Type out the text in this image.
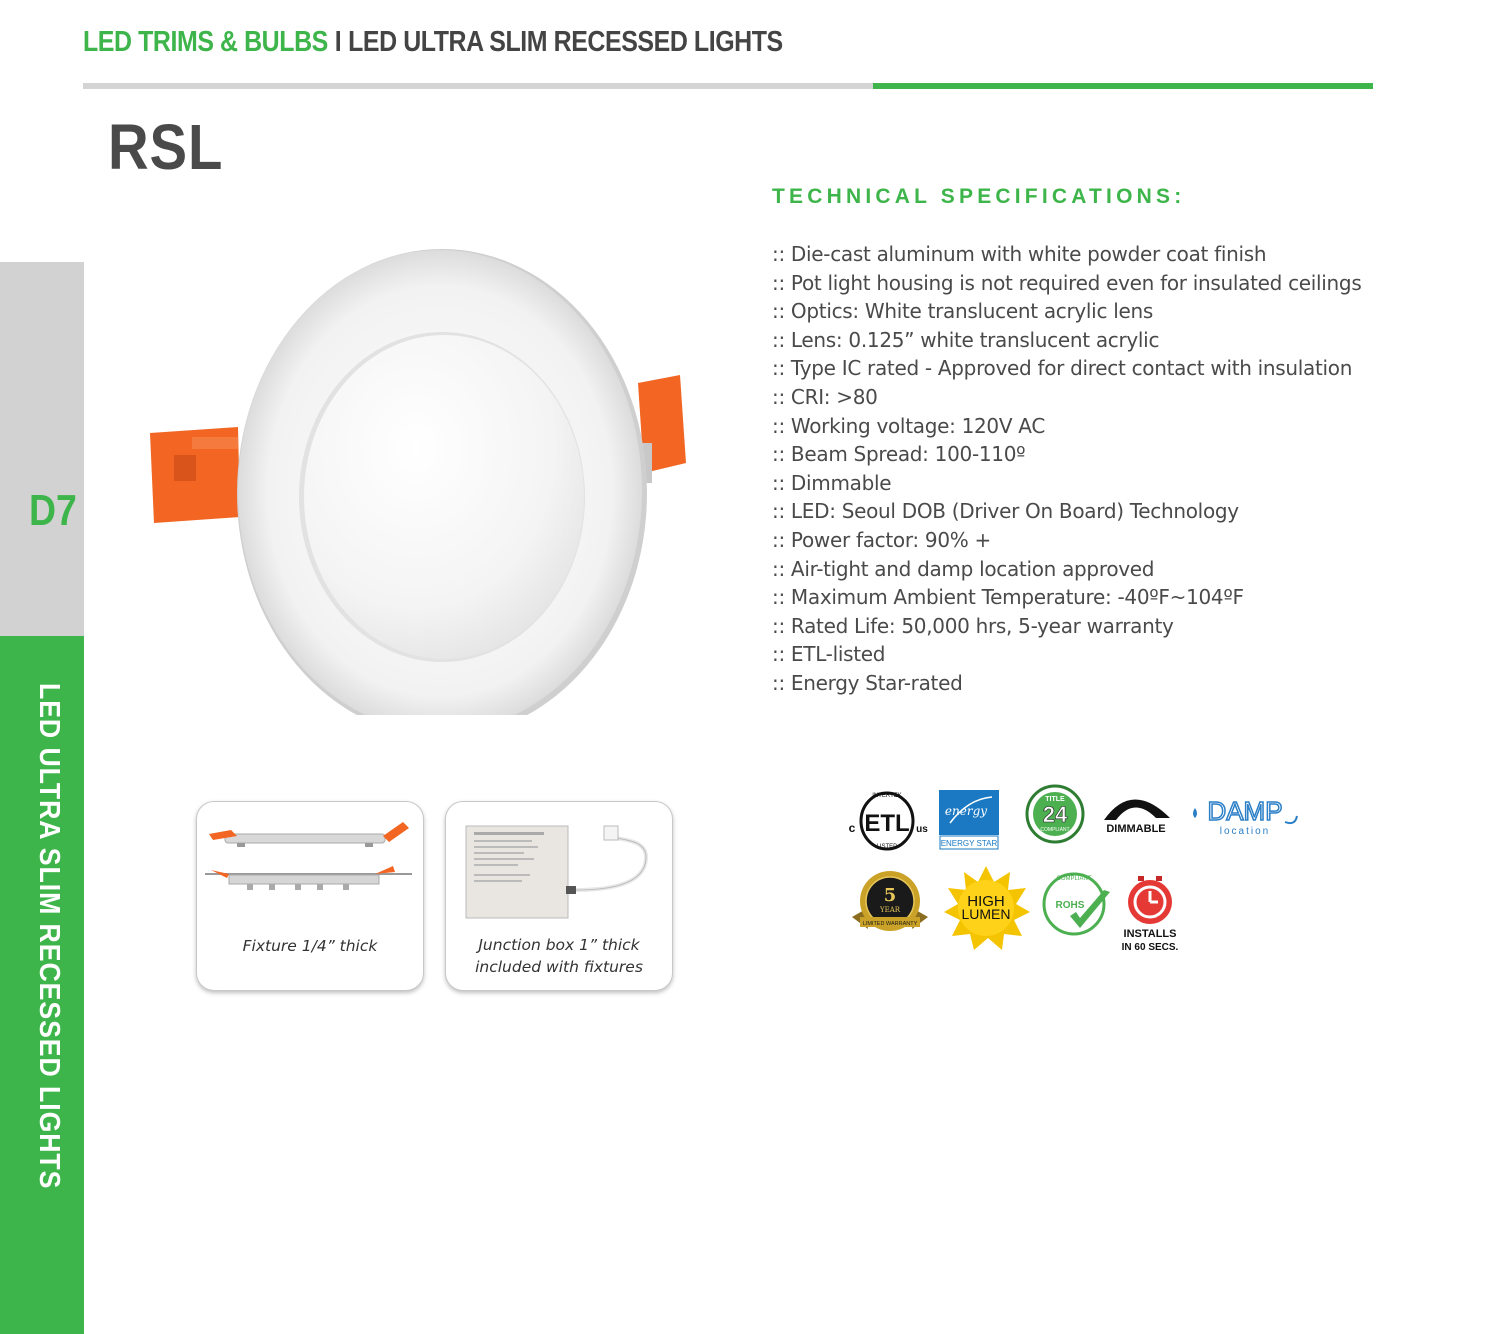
LED TRIMS & BULBS I LED ULTRA SLIM RECESSED LIGHTS
RSL
D7
LED ULTRA SLIM RECESSED LIGHTS
TECHNICAL SPECIFICATIONS:
:: Die-cast aluminum with white powder coat finish
:: Pot light housing is not required even for insulated ceilings
:: Optics: White translucent acrylic lens
:: Lens: 0.125” white translucent acrylic
:: Type IC rated - Approved for direct contact with insulation
:: CRI: >80
:: Working voltage: 120V AC
:: Beam Spread: 100-110º
:: Dimmable
:: LED: Seoul DOB (Driver On Board) Technology
:: Power factor: 90% +
:: Air-tight and damp location approved
:: Maximum Ambient Temperature: -40ºF~104ºF
:: Rated Life: 50,000 hrs, 5-year warranty
:: ETL-listed
:: Energy Star-rated
Fixture 1/4” thick	Junction box 1” thick
included with fixtures
INTERTEK
ETL
c	us
LISTED
energy
ENERGY STAR
TITLE
24
COMPLIANT	DIMMABLE
DAMP
location
5
YEAR
LIMITED WARRANTY
HIGH
LUMEN
COMPLIANT
ROHS
INSTALLS
IN 60 SECS.
